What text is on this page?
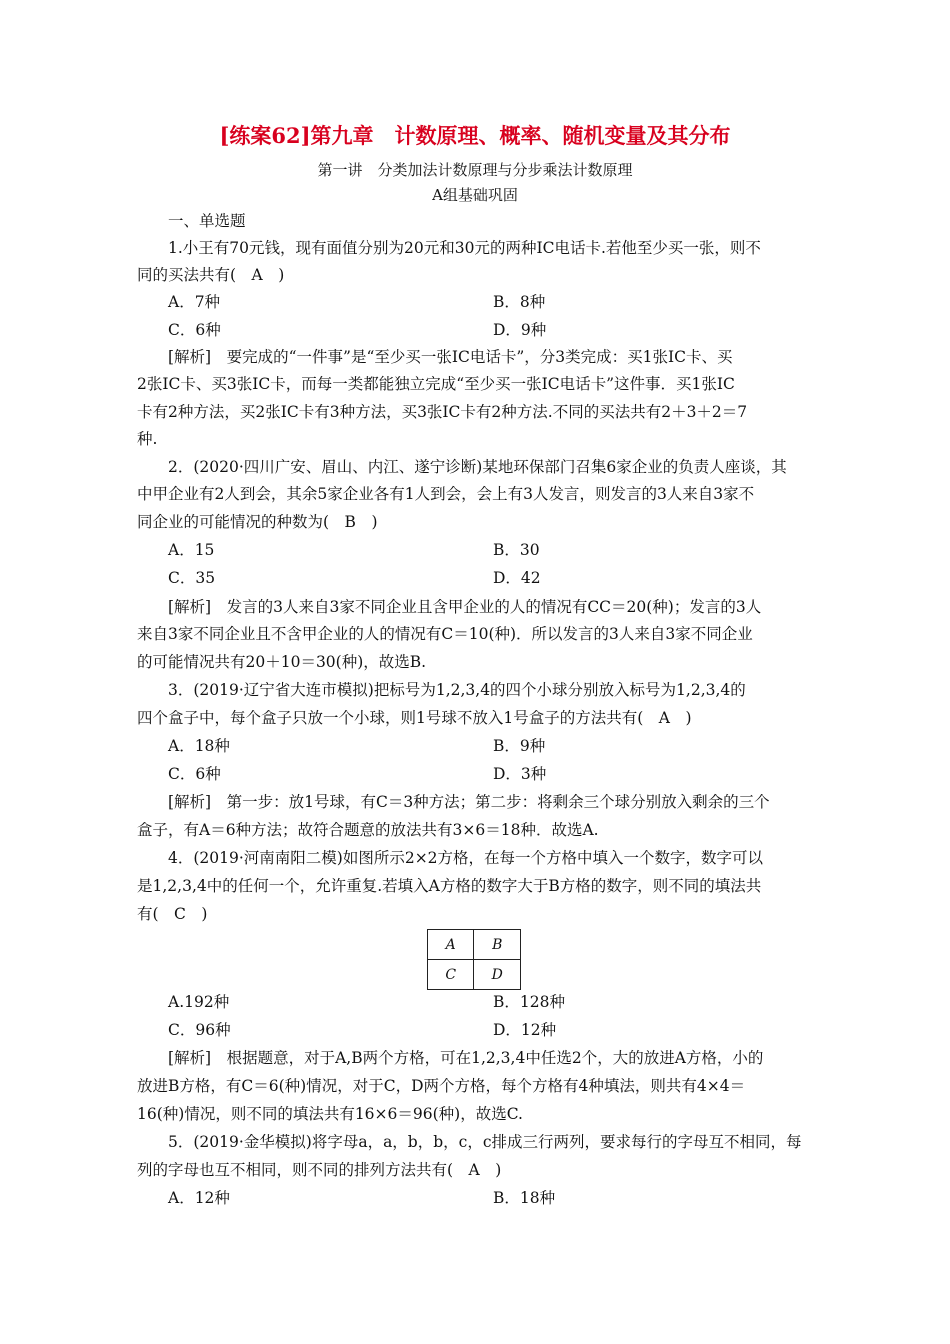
[练案62]第九章　计数原理、概率、随机变量及其分布
第一讲　分类加法计数原理与分步乘法计数原理
A组基础巩固
一、单选题
1.小王有70元钱，现有面值分别为20元和30元的两种IC电话卡.若他至少买一张，则不
同的买法共有(　A　)
A．7种	B．8种
C．6种	D．9种
[解析]　要完成的“一件事”是“至少买一张IC电话卡”，分3类完成：买1张IC卡、买
2张IC卡、买3张IC卡，而每一类都能独立完成“至少买一张IC电话卡”这件事．买1张IC
卡有2种方法，买2张IC卡有3种方法，买3张IC卡有2种方法.不同的买法共有2＋3＋2＝7
种.
2．(2020·四川广安、眉山、内江、遂宁诊断)某地环保部门召集6家企业的负责人座谈，其
中甲企业有2人到会，其余5家企业各有1人到会，会上有3人发言，则发言的3人来自3家不
同企业的可能情况的种数为(　B　)
A．15	B．30
C．35	D．42
[解析]　发言的3人来自3家不同企业且含甲企业的人的情况有CC＝20(种)；发言的3人
来自3家不同企业且不含甲企业的人的情况有C＝10(种)．所以发言的3人来自3家不同企业
的可能情况共有20＋10＝30(种)，故选B.
3．(2019·辽宁省大连市模拟)把标号为1,2,3,4的四个小球分别放入标号为1,2,3,4的
四个盒子中，每个盒子只放一个小球，则1号球不放入1号盒子的方法共有(　A　)
A．18种	B．9种
C．6种	D．3种
[解析]　第一步：放1号球，有C＝3种方法；第二步：将剩余三个球分别放入剩余的三个
盒子，有A＝6种方法；故符合题意的放法共有3×6＝18种．故选A.
4．(2019·河南南阳二模)如图所示2×2方格，在每一个方格中填入一个数字，数字可以
是1,2,3,4中的任何一个，允许重复.若填入A方格的数字大于B方格的数字，则不同的填法共
有(　C　)
A	B
C	D
A.192种	B．128种
C．96种	D．12种
[解析]　根据题意，对于A,B两个方格，可在1,2,3,4中任选2个，大的放进A方格，小的
放进B方格，有C＝6(种)情况，对于C，D两个方格，每个方格有4种填法，则共有4×4＝
16(种)情况，则不同的填法共有16×6＝96(种)，故选C.
5．(2019·金华模拟)将字母a，a，b，b，c，c排成三行两列，要求每行的字母互不相同，每
列的字母也互不相同，则不同的排列方法共有(　A　)
A．12种	B．18种
